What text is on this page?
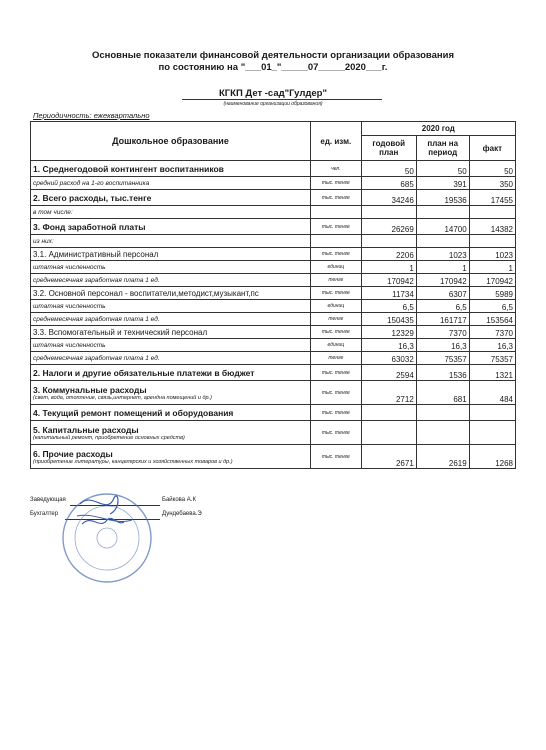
Основные показатели финансовой деятельности организации образования
по состоянию на "___01_"_____07_____2020___г.
КГКП Дет -сад"Гулдер"
(наименование организации образования)
Периодичность: ежеквартально
Дошкольное образование	ед. изм.	2020 год		
		годовой план	план на период	факт
1. Среднегодовой контингент воспитанников	чел.	50	50	50
средний расход на 1-го воспитанника	тыс. тенге	685	391	350
2. Всего расходы, тыс.тенге	тыс. тенге	34246	19536	17455
в том числе:				
3. Фонд заработной платы	тыс. тенге	26269	14700	14382
из них:				
3.1. Административный персонал	тыс. тенге	2206	1023	1023
штатная численность	единиц	1	1	1
среднемесячная заработная плата 1 ед.	тенге	170942	170942	170942
3.2. Основной персонал - воспитатели,методист,музыкант,пс	тыс. тенге	11734	6307	5989
штатная численность	единиц	6,5	6,5	6,5
среднемесячная заработная плата 1 ед.	тенге	150435	161717	153564
3.3. Вспомогательный и технический персонал	тыс. тенге	12329	7370	7370
штатная численность	единиц	16,3	16,3	16,3
среднемесячная заработная плата 1 ед.	тенге	63032	75357	75357
2. Налоги и другие обязательные платежи в бюджет	тыс. тенге	2594	1536	1321
3. Коммунальные расходы
(свет, вода, отопление, связь,интернет, арендна помещений и др.)	тыс. тенге	2712	681	484
4. Текущий ремонт помещений и оборудования	тыс. тенге			
5. Капитальные расходы
(капитальный ремонт, приобретение основных средств)	тыс. тенге			
6. Прочие расходы
(приобретение литературы, канцелярских и хозяйственных товаров и др.)	тыс. тенге	2671	2619	1268
Заведующая	Байкова А.К
Бухгалтер	Дундебаева.Э
